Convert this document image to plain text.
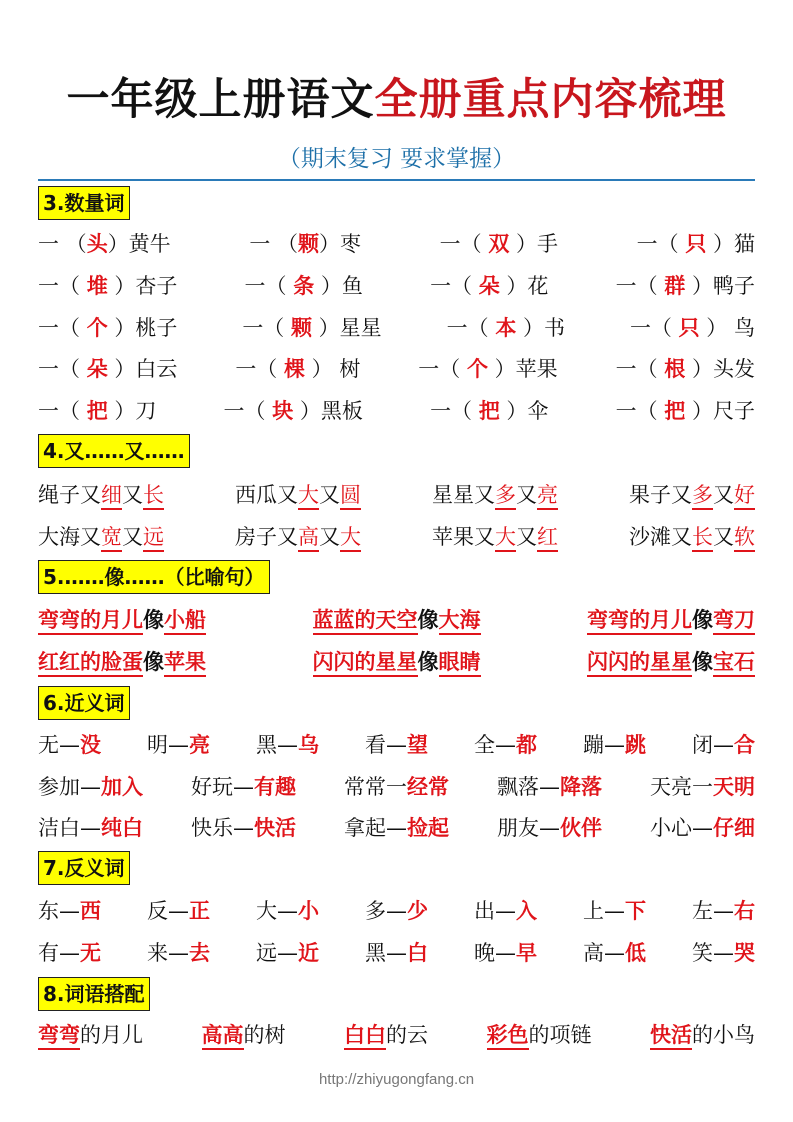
一年级上册语文全册重点内容梳理
（期末复习 要求掌握）
3.数量词
一 （头）黄牛	一 （颗）枣	一（ 双 ）手	一（ 只 ）猫
一（ 堆 ）杏子	一（ 条 ）鱼	一（ 朵 ）花	一（ 群 ）鸭子
一（ 个 ）桃子	一（ 颗 ）星星	一（ 本 ）书	一（ 只 ） 鸟
一（ 朵 ）白云	一（ 棵 ） 树	一（ 个 ）苹果	一（ 根 ）头发
一（ 把 ）刀	一（ 块 ）黑板	一（ 把 ）伞	一（ 把 ）尺子
4.又……又……
绳子又细又长	西瓜又大又圆	星星又多又亮	果子又多又好
大海又宽又远	房子又高又大	苹果又大又红	沙滩又长又软
5.……像……（比喻句）
弯弯的月儿像小船	蓝蓝的天空像大海	弯弯的月儿像弯刀
红红的脸蛋像苹果	闪闪的星星像眼睛	闪闪的星星像宝石
6.近义词
无—没 明—亮 黑—乌 看—望 全—都 蹦—跳 闭—合
参加—加入 好玩—有趣 常常一经常 飘落—降落 天亮一天明
洁白—纯白 快乐—快活 拿起—捡起 朋友—伙伴 小心—仔细
7.反义词
东—西 反—正 大—小 多—少 出—入 上—下 左—右
有—无 来—去 远—近 黑—白 晚—早 高—低 笑—哭
8.词语搭配
弯弯的月儿	高高的树	白白的云	彩色的项链	快活的小鸟
http://zhiyugongfang.cn
